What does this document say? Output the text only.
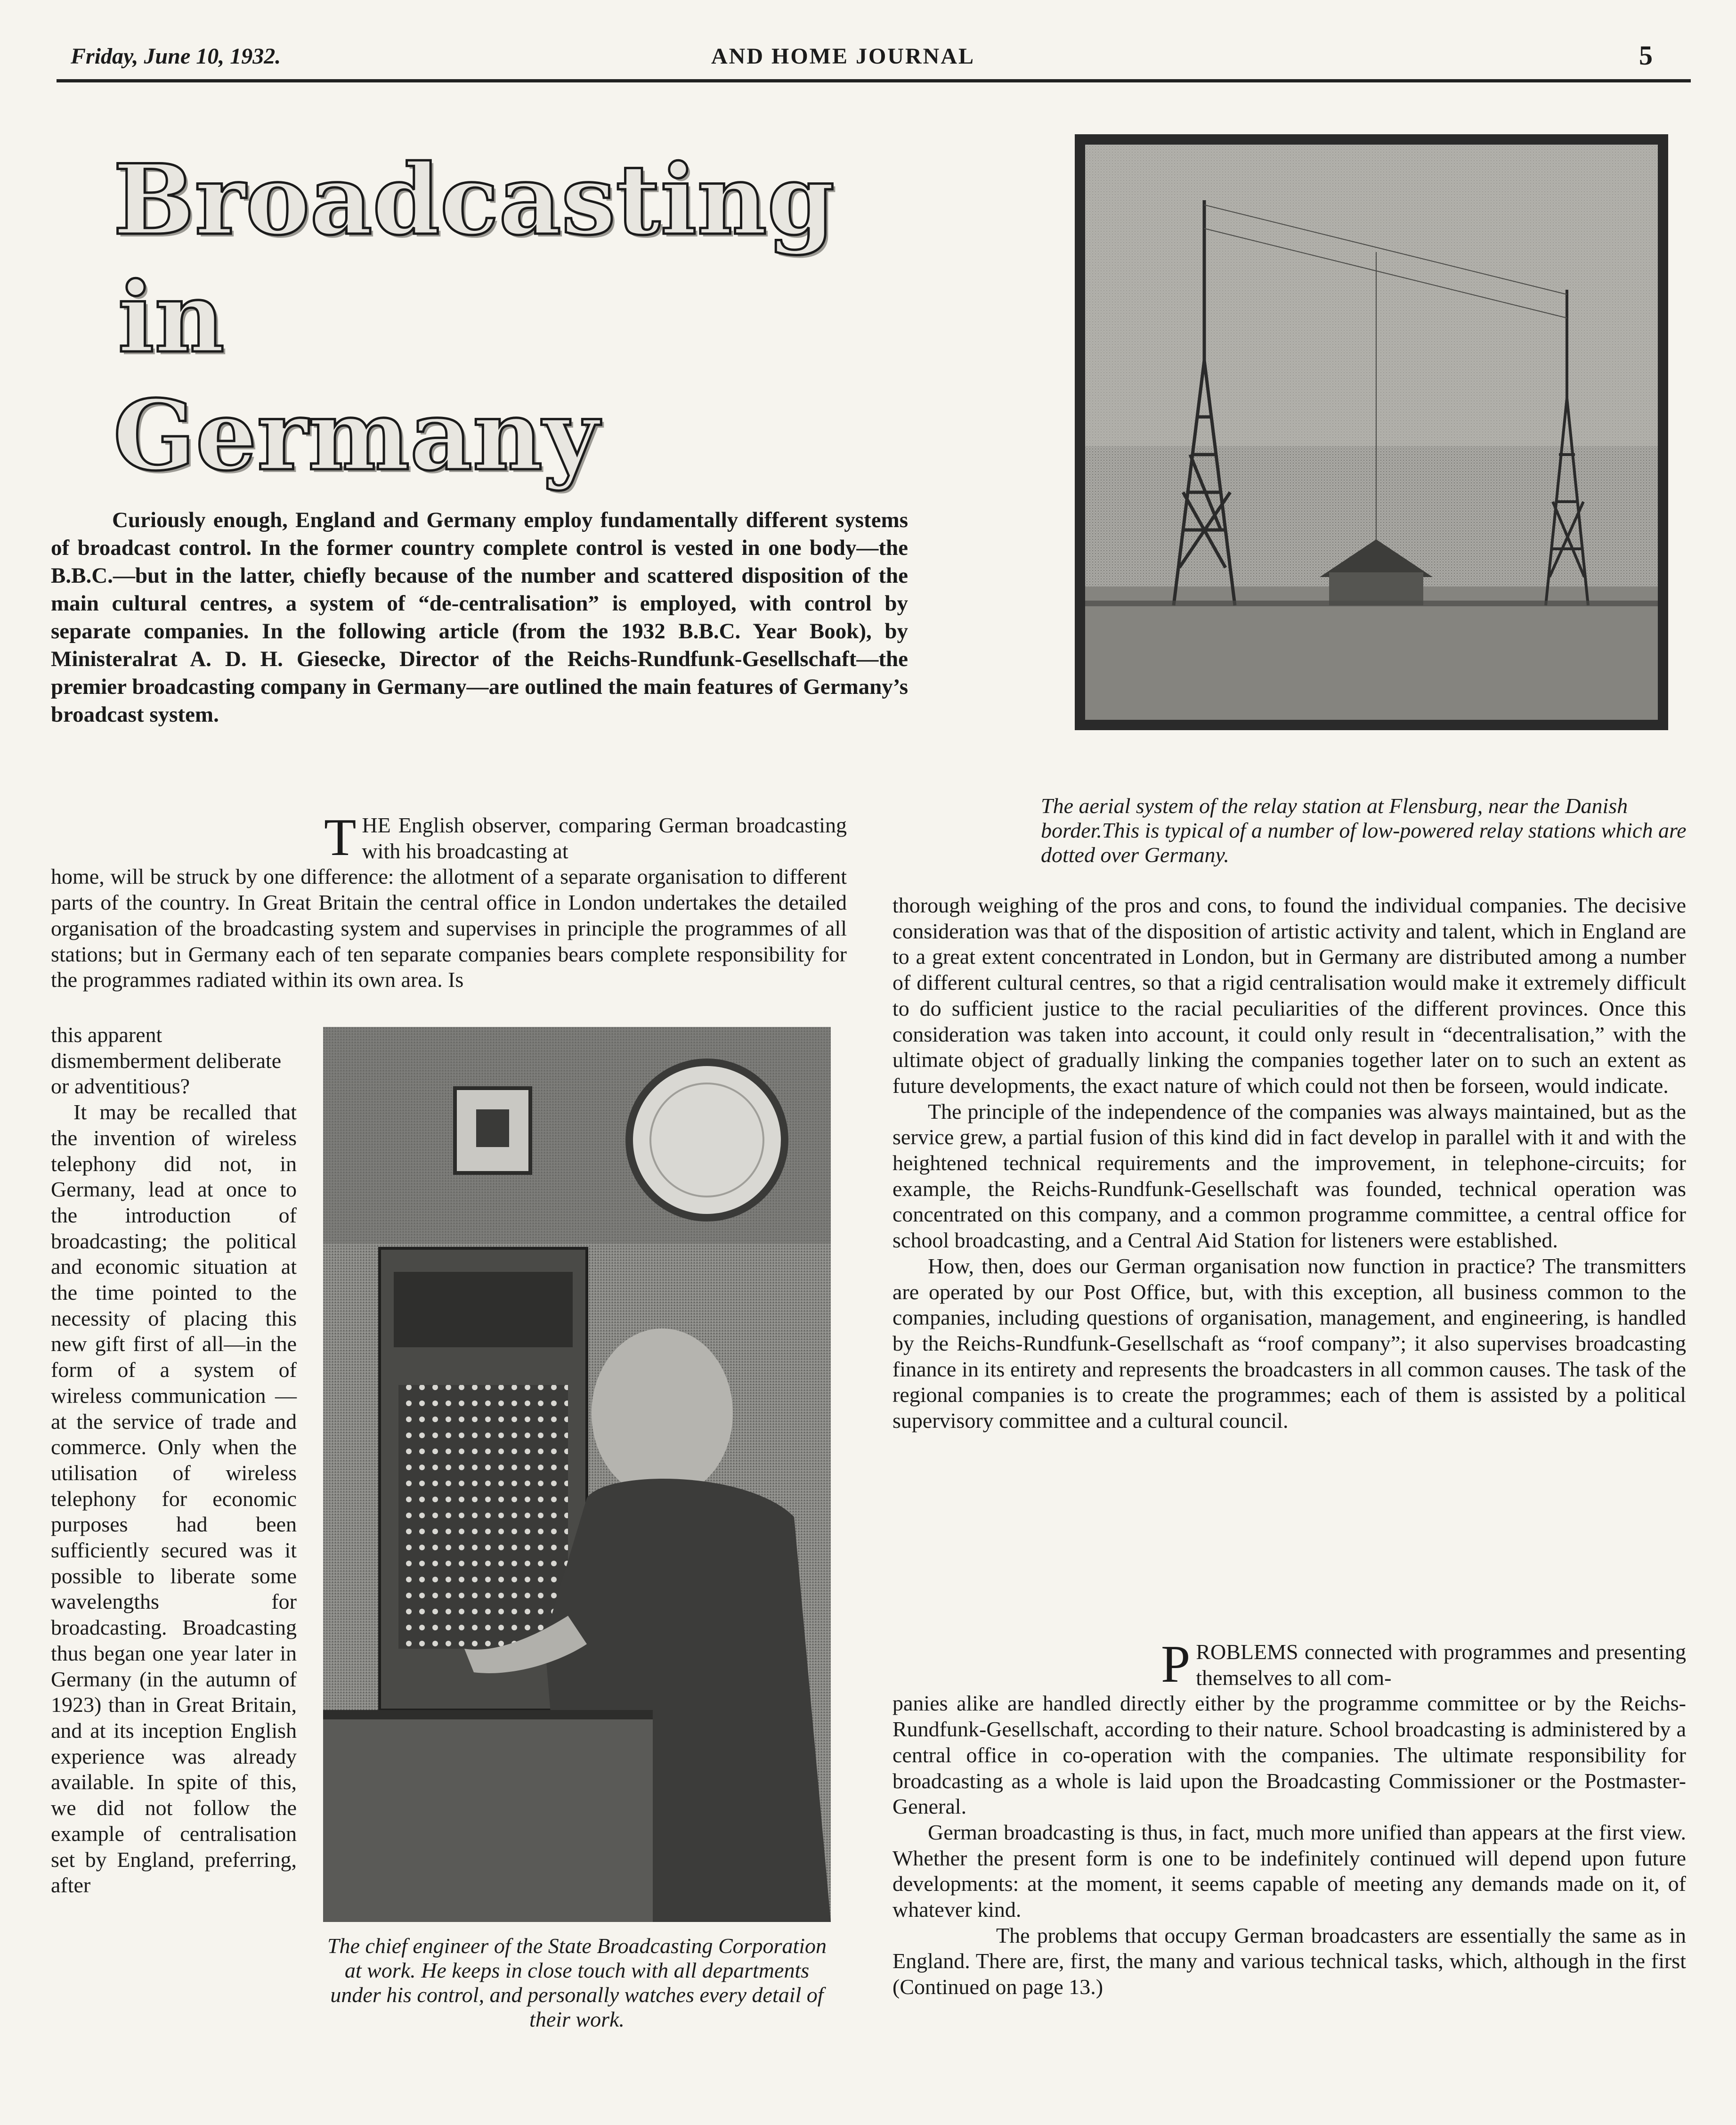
Friday, June 10, 1932.	AND HOME JOURNAL	5
Broadcasting
in
Germany

Curiously enough, England and Germany employ fundamentally different systems of broadcast control. In the former country complete control is vested in one body—the B.B.C.—but in the latter, chiefly because of the number and scattered disposition of the main cultural centres, a system of “de-centralisation” is employed, with control by separate companies. In the following article (from the 1932 B.B.C. Year Book), by Ministeralrat A. D. H. Giesecke, Director of the Reichs-Rundfunk-Gesellschaft—the premier broadcasting company in Germany—are outlined the main features of Germany’s broadcast system.

The aerial system of the relay station at Flensburg, near the Danish border.This is typical of a number of low-powered relay stations which are dotted over Germany.

THE English observer, comparing German broadcasting with his broadcasting at

home, will be struck by one difference: the allotment of a separate organisation to different parts of the country. In Great Britain the central office in London undertakes the detailed organisation of the broadcasting system and supervises in principle the programmes of all stations; but in Germany each of ten separate companies bears complete responsibility for the programmes radiated within its own area. Is

this apparent dismemberment deliberate or adventitious?

It may be recalled that the invention of wireless telephony did not, in Germany, lead at once to the introduction of broadcasting; the political and economic situation at the time pointed to the necessity of placing this new gift first of all—in the form of a system of wireless communication — at the service of trade and commerce. Only when the utilisation of wireless telephony for economic purposes had been sufficiently secured was it possible to liberate some wavelengths for broadcasting. Broadcasting thus began one year later in Germany (in the autumn of 1923) than in Great Britain, and at its inception English experience was already available. In spite of this, we did not follow the example of centralisation set by England, preferring, after

The chief engineer of the State Broadcasting Corporation at work. He keeps in close touch with all departments under his control, and personally watches every detail of their work.

thorough weighing of the pros and cons, to found the individual companies. The decisive consideration was that of the disposition of artistic activity and talent, which in England are to a great extent concentrated in London, but in Germany are distributed among a number of different cultural centres, so that a rigid centralisation would make it extremely difficult to do sufficient justice to the racial peculiarities of the different provinces. Once this consideration was taken into account, it could only result in “decentralisation,” with the ultimate object of gradually linking the companies together later on to such an extent as future developments, the exact nature of which could not then be forseen, would indicate.

The principle of the independence of the companies was always maintained, but as the service grew, a partial fusion of this kind did in fact develop in parallel with it and with the heightened technical requirements and the improvement, in telephone-circuits; for example, the Reichs-Rundfunk-Gesellschaft was founded, technical operation was concentrated on this company, and a common programme committee, a central office for school broadcasting, and a Central Aid Station for listeners were established.

How, then, does our German organisation now function in practice? The transmitters are operated by our Post Office, but, with this exception, all business common to the companies, including questions of organisation, management, and engineering, is handled by the Reichs-Rundfunk-Gesellschaft as “roof company”; it also supervises broadcasting finance in its entirety and represents the broadcasters in all common causes. The task of the regional companies is to create the programmes; each of them is assisted by a political supervisory committee and a cultural council.

PROBLEMS connected with programmes and presenting themselves to all com-

panies alike are handled directly either by the programme committee or by the Reichs-Rundfunk-Gesellschaft, according to their nature. School broadcasting is administered by a central office in co-operation with the companies. The ultimate responsibility for broadcasting as a whole is laid upon the Broadcasting Commissioner or the Postmaster-General.

German broadcasting is thus, in fact, much more unified than appears at the first view. Whether the present form is one to be indefinitely continued will depend upon future developments: at the moment, it seems capable of meeting any demands made on it, of whatever kind.

The problems that occupy German broadcasters are essentially the same as in England. There are, first, the many and various technical tasks, which, although in the first (Continued on page 13.)
